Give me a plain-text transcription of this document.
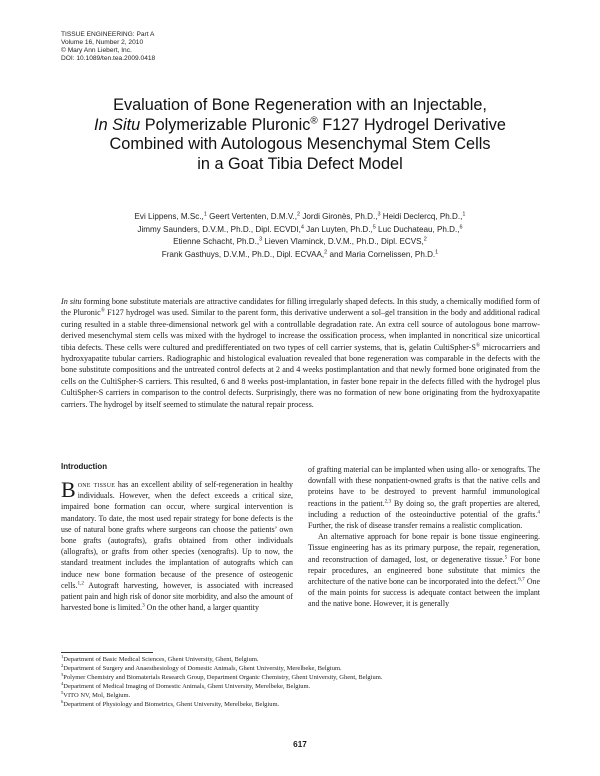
TISSUE ENGINEERING: Part A
Volume 16, Number 2, 2010
© Mary Ann Liebert, Inc.
DOI: 10.1089/ten.tea.2009.0418
Evaluation of Bone Regeneration with an Injectable,
In Situ Polymerizable Pluronic® F127 Hydrogel Derivative
Combined with Autologous Mesenchymal Stem Cells
in a Goat Tibia Defect Model
Evi Lippens, M.Sc.,$^1$ Geert Vertenten, D.M.V.,$^2$ Jordi Gironès, Ph.D.,$^3$ Heidi Declercq, Ph.D.,$^1$
Jimmy Saunders, D.V.M., Ph.D., Dipl. ECVDI,$^4$ Jan Luyten, Ph.D.,$^5$ Luc Duchateau, Ph.D.,$^6$
Etienne Schacht, Ph.D.,$^3$ Lieven Vlaminck, D.V.M., Ph.D., Dipl. ECVS,$^2$
Frank Gasthuys, D.V.M., Ph.D., Dipl. ECVAA,$^2$ and Maria Cornelissen, Ph.D.$^1$
In situ forming bone substitute materials are attractive candidates for filling irregularly shaped defects. In this study, a chemically modified form of the Pluronic® F127 hydrogel was used. Similar to the parent form, this derivative underwent a sol–gel transition in the body and additional radical curing resulted in a stable three-dimensional network gel with a controllable degradation rate. An extra cell source of autologous bone marrow-derived mesenchymal stem cells was mixed with the hydrogel to increase the ossification process, when implanted in noncritical size unicortical tibia defects. These cells were cultured and predifferentiated on two types of cell carrier systems, that is, gelatin CultiSpher-S® microcarriers and hydroxyapatite tubular carriers. Radiographic and histological evaluation revealed that bone regeneration was comparable in the defects with the bone substitute compositions and the untreated control defects at 2 and 4 weeks postimplantation and that newly formed bone originated from the cells on the CultiSpher-S carriers. This resulted, 6 and 8 weeks post-implantation, in faster bone repair in the defects filled with the hydrogel plus CultiSpher-S carriers in comparison to the control defects. Surprisingly, there was no formation of new bone originating from the hydroxyapatite carriers. The hydrogel by itself seemed to stimulate the natural repair process.
Introduction

Bone tissue has an excellent ability of self-regeneration in healthy individuals. However, when the defect exceeds a critical size, impaired bone formation can occur, where surgical intervention is mandatory. To date, the most used repair strategy for bone defects is the use of natural bone grafts where surgeons can choose the patients’ own bone grafts (autografts), grafts obtained from other individuals (allografts), or grafts from other species (xenografts). Up to now, the standard treatment includes the implantation of autografts which can induce new bone formation because of the presence of osteogenic cells.$^{1,2}$ Autograft harvesting, however, is associated with increased patient pain and high risk of donor site morbidity, and also the amount of harvested bone is limited.$^3$ On the other hand, a larger quantity

of grafting material can be implanted when using allo- or xenografts. The downfall with these nonpatient-owned grafts is that the native cells and proteins have to be destroyed to prevent harmful immunological reactions in the patient.$^{2,3}$ By doing so, the graft properties are altered, including a reduction of the osteoinductive potential of the grafts.$^4$ Further, the risk of disease transfer remains a realistic complication.

An alternative approach for bone repair is bone tissue engineering. Tissue engineering has as its primary purpose, the repair, regeneration, and reconstruction of damaged, lost, or degenerative tissue.$^5$ For bone repair procedures, an engineered bone substitute that mimics the architecture of the native bone can be incorporated into the defect.$^{6,7}$ One of the main points for success is adequate contact between the implant and the native bone. However, it is generally

$^1$Department of Basic Medical Sciences, Ghent University, Ghent, Belgium.
$^2$Department of Surgery and Anaesthesiology of Domestic Animals, Ghent University, Merelbeke, Belgium.
$^3$Polymer Chemistry and Biomaterials Research Group, Department Organic Chemistry, Ghent University, Ghent, Belgium.
$^4$Department of Medical Imaging of Domestic Animals, Ghent University, Merelbeke, Belgium.
$^5$VITO NV, Mol, Belgium.
$^6$Department of Physiology and Biometrics, Ghent University, Merelbeke, Belgium.
617
